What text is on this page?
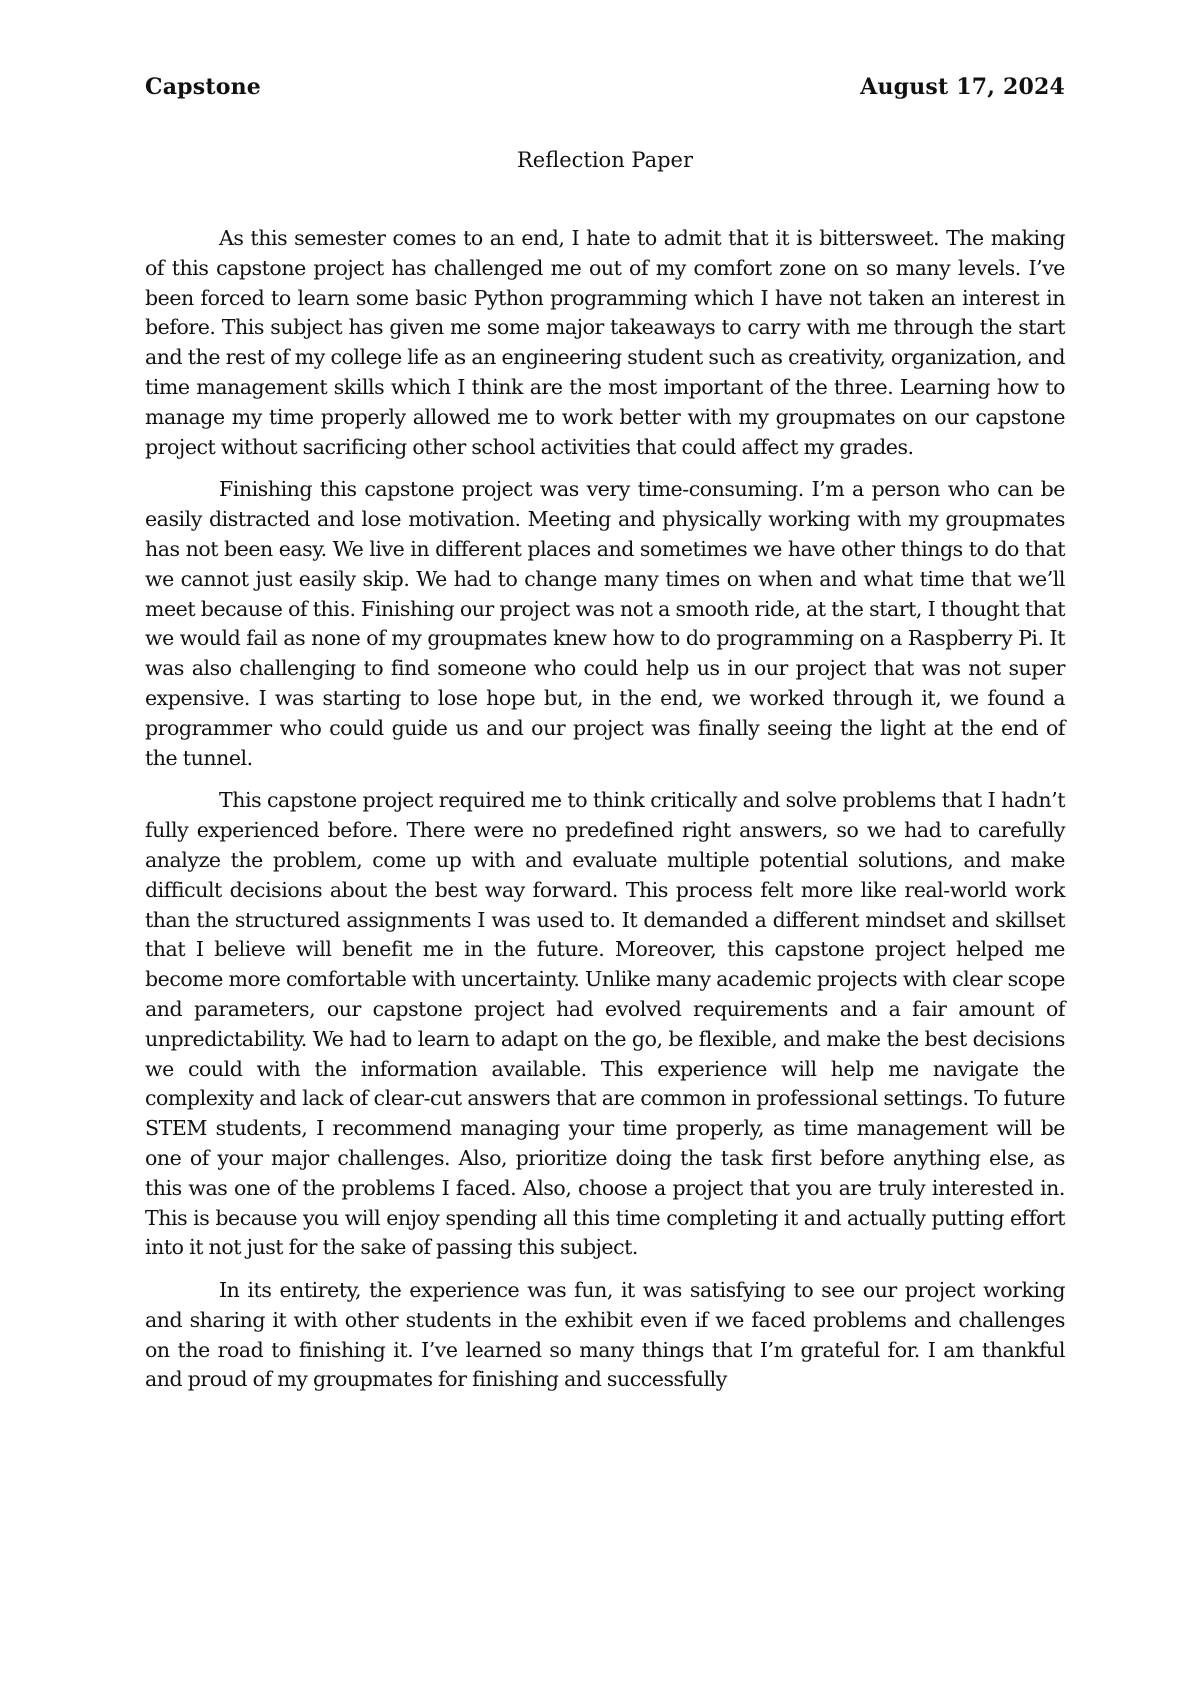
Capstone	August 17, 2024
Reflection Paper

As this semester comes to an end, I hate to admit that it is bittersweet. The making of this capstone project has challenged me out of my comfort zone on so many levels. I’ve been forced to learn some basic Python programming which I have not taken an interest in before. This subject has given me some major takeaways to carry with me through the start and the rest of my college life as an engineering student such as creativity, organization, and time management skills which I think are the most important of the three. Learning how to manage my time properly allowed me to work better with my groupmates on our capstone project without sacrificing other school activities that could affect my grades.

Finishing this capstone project was very time-consuming. I’m a person who can be easily distracted and lose motivation. Meeting and physically working with my groupmates has not been easy. We live in different places and sometimes we have other things to do that we cannot just easily skip. We had to change many times on when and what time that we’ll meet because of this. Finishing our project was not a smooth ride, at the start, I thought that we would fail as none of my groupmates knew how to do programming on a Raspberry Pi. It was also challenging to find someone who could help us in our project that was not super expensive. I was starting to lose hope but, in the end, we worked through it, we found a programmer who could guide us and our project was finally seeing the light at the end of the tunnel.

This capstone project required me to think critically and solve problems that I hadn’t fully experienced before. There were no predefined right answers, so we had to carefully analyze the problem, come up with and evaluate multiple potential solutions, and make difficult decisions about the best way forward. This process felt more like real-world work than the structured assignments I was used to. It demanded a different mindset and skillset that I believe will benefit me in the future. Moreover, this capstone project helped me become more comfortable with uncertainty. Unlike many academic projects with clear scope and parameters, our capstone project had evolved requirements and a fair amount of unpredictability. We had to learn to adapt on the go, be flexible, and make the best decisions we could with the information available. This experience will help me navigate the complexity and lack of clear-cut answers that are common in professional settings. To future STEM students, I recommend managing your time properly, as time management will be one of your major challenges. Also, prioritize doing the task first before anything else, as this was one of the problems I faced. Also, choose a project that you are truly interested in. This is because you will enjoy spending all this time completing it and actually putting effort into it not just for the sake of passing this subject.

In its entirety, the experience was fun, it was satisfying to see our project working and sharing it with other students in the exhibit even if we faced problems and challenges on the road to finishing it. I’ve learned so many things that I’m grateful for. I am thankful and proud of my groupmates for finishing and successfully
